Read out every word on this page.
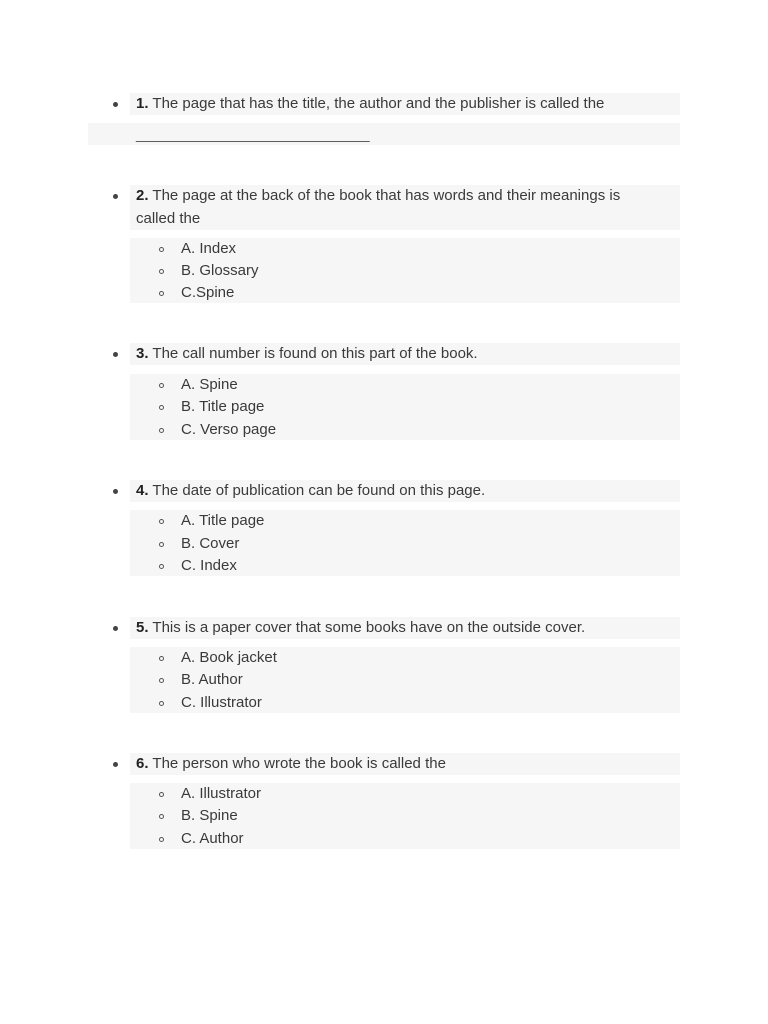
1. The page that has the title, the author and the publisher is called the
____________________________
2. The page at the back of the book that has words and their meanings is
called the
A. Index
B. Glossary
C.Spine
3. The call number is found on this part of the book.
A. Spine
B. Title page
C. Verso page
4. The date of publication can be found on this page.
A. Title page
B. Cover
C. Index
5. This is a paper cover that some books have on the outside cover.
A. Book jacket
B. Author
C. Illustrator
6. The person who wrote the book is called the
A. Illustrator
B. Spine
C. Author
